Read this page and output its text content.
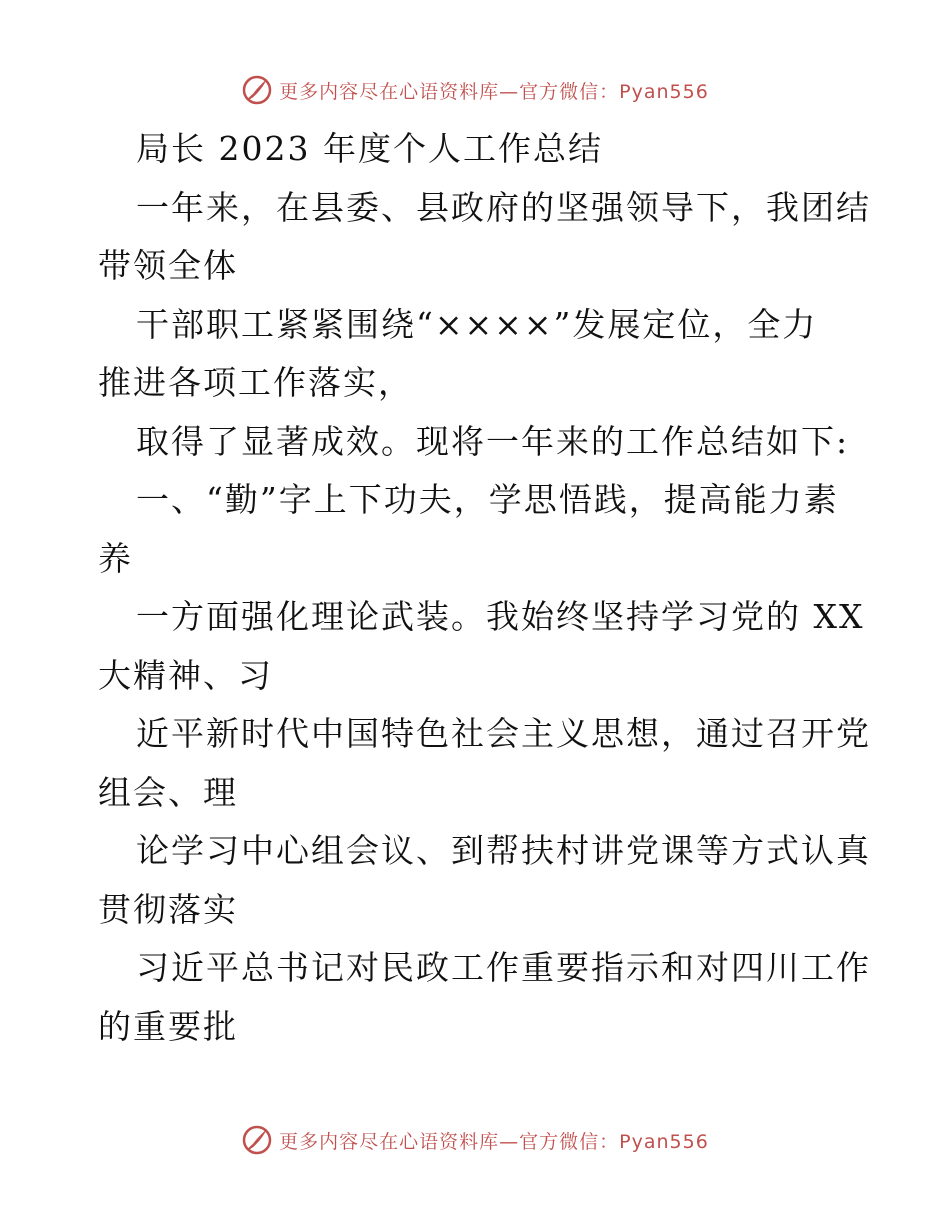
更多内容尽在心语资料库—官方微信：Pyan556
局长 2023 年度个人工作总结
一年来，在县委、县政府的坚强领导下，我团结
带领全体
干部职工紧紧围绕“××××”发展定位，全力
推进各项工作落实，
取得了显著成效。现将一年来的工作总结如下:
一、“勤”字上下功夫，学思悟践，提高能力素
养
一方面强化理论武装。我始终坚持学习党的 XX
大精神、习
近平新时代中国特色社会主义思想，通过召开党
组会、理
论学习中心组会议、到帮扶村讲党课等方式认真
贯彻落实
习近平总书记对民政工作重要指示和对四川工作
的重要批
更多内容尽在心语资料库—官方微信：Pyan556
